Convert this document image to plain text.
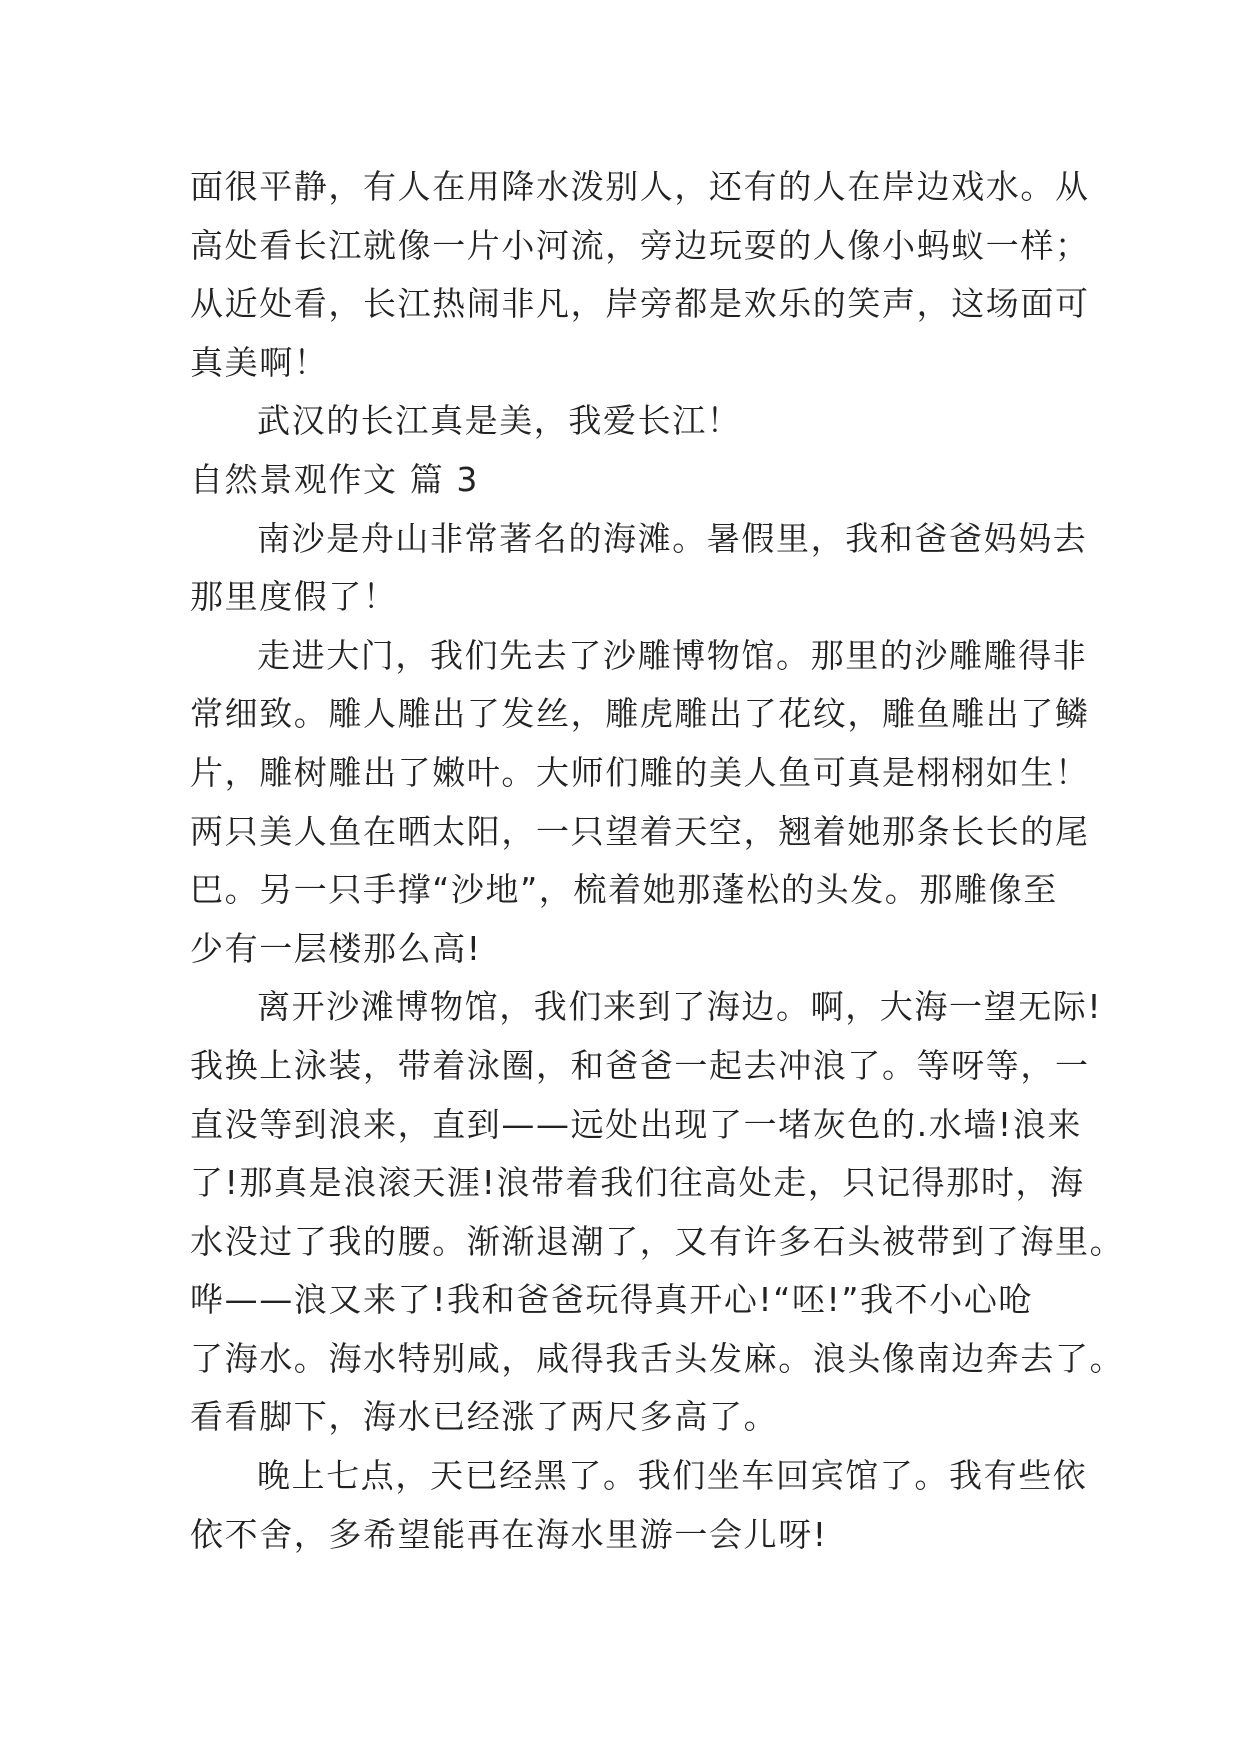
面很平静，有人在用降水泼别人，还有的人在岸边戏水。从
高处看长江就像一片小河流，旁边玩耍的人像小蚂蚁一样；
从近处看，长江热闹非凡，岸旁都是欢乐的笑声，这场面可
真美啊！
武汉的长江真是美，我爱长江！
自然景观作文 篇 3
南沙是舟山非常著名的海滩。暑假里，我和爸爸妈妈去
那里度假了！
走进大门，我们先去了沙雕博物馆。那里的沙雕雕得非
常细致。雕人雕出了发丝，雕虎雕出了花纹，雕鱼雕出了鳞
片，雕树雕出了嫩叶。大师们雕的美人鱼可真是栩栩如生！
两只美人鱼在晒太阳，一只望着天空，翘着她那条长长的尾
巴。另一只手撑“沙地”，梳着她那蓬松的头发。那雕像至
少有一层楼那么高!
离开沙滩博物馆，我们来到了海边。啊，大海一望无际!
我换上泳装，带着泳圈，和爸爸一起去冲浪了。等呀等，一
直没等到浪来，直到——远处出现了一堵灰色的.水墙!浪来
了!那真是浪滚天涯!浪带着我们往高处走，只记得那时，海
水没过了我的腰。渐渐退潮了，又有许多石头被带到了海里。
哗——浪又来了!我和爸爸玩得真开心!“呸!”我不小心呛
了海水。海水特别咸，咸得我舌头发麻。浪头像南边奔去了。
看看脚下，海水已经涨了两尺多高了。
晚上七点，天已经黑了。我们坐车回宾馆了。我有些依
依不舍，多希望能再在海水里游一会儿呀!
